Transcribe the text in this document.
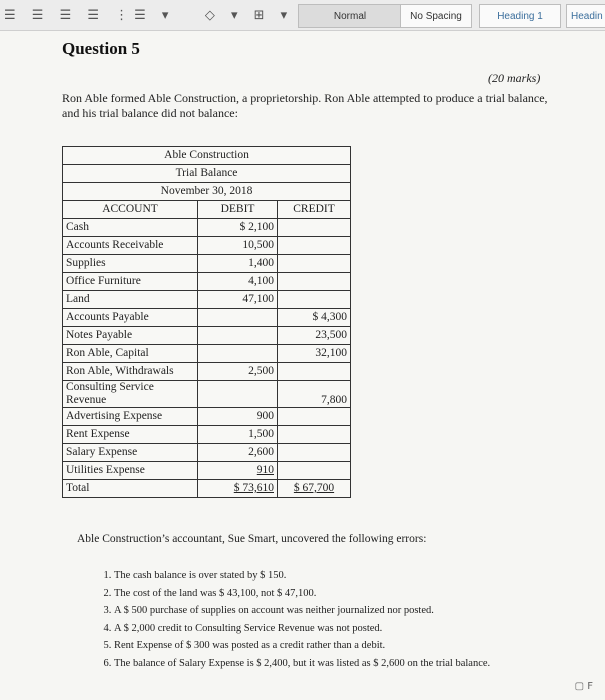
☰ ☰ ☰ ☰ ⋮☰ ▾   ◇ ▾ ⊞ ▾	Normal	No Spacing	Heading 1	Headin
Question 5
(20 marks)
Ron Able formed Able Construction, a proprietorship. Ron Able attempted to produce a trial balance, and his trial balance did not balance:
Able Construction		
Trial Balance		
November 30, 2018		
ACCOUNT	DEBIT	CREDIT
Cash	$ 2,100	
Accounts Receivable	10,500	
Supplies	1,400	
Office Furniture	4,100	
Land	47,100	
Accounts Payable		$ 4,300
Notes Payable		23,500
Ron Able, Capital		32,100
Ron Able, Withdrawals	2,500	
Consulting Service Revenue		7,800
Advertising Expense	900	
Rent Expense	1,500	
Salary Expense	2,600	
Utilities Expense	910	
Total	$ 73,610	$ 67,700
Able Construction’s accountant, Sue Smart, uncovered the following errors:
1. The cash balance is over stated by $ 150.
2. The cost of the land was $ 43,100, not $ 47,100.
3. A $ 500 purchase of supplies on account was neither journalized nor posted.
4. A $ 2,000 credit to Consulting Service Revenue was not posted.
5. Rent Expense of $ 300 was posted as a credit rather than a debit.
6. The balance of Salary Expense is $ 2,400, but it was listed as $ 2,600 on the trial balance.
▢ F
